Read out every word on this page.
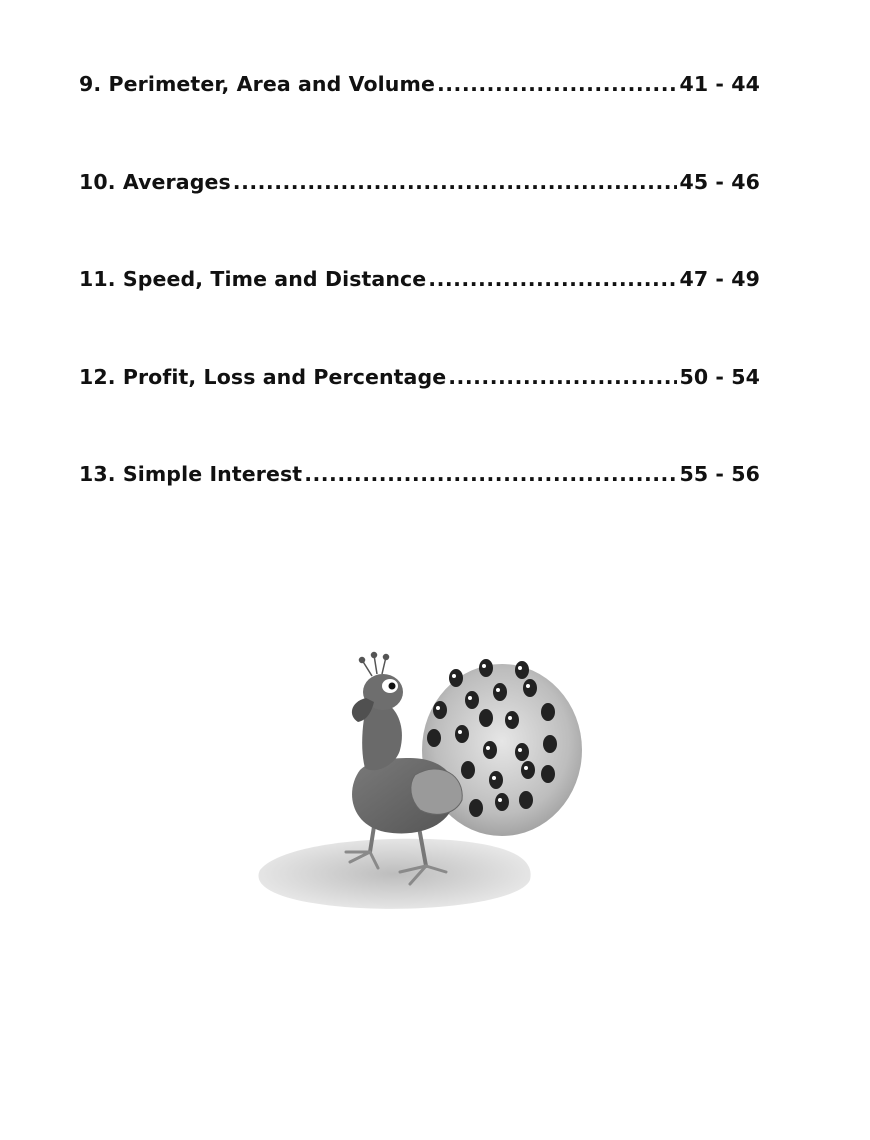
9. Perimeter, Area and Volume .....	41 - 44
10. Averages .....	45 - 46
11. Speed, Time and Distance .....	47 - 49
12. Profit, Loss and Percentage .....	50 - 54
13. Simple Interest .....	55 - 56
